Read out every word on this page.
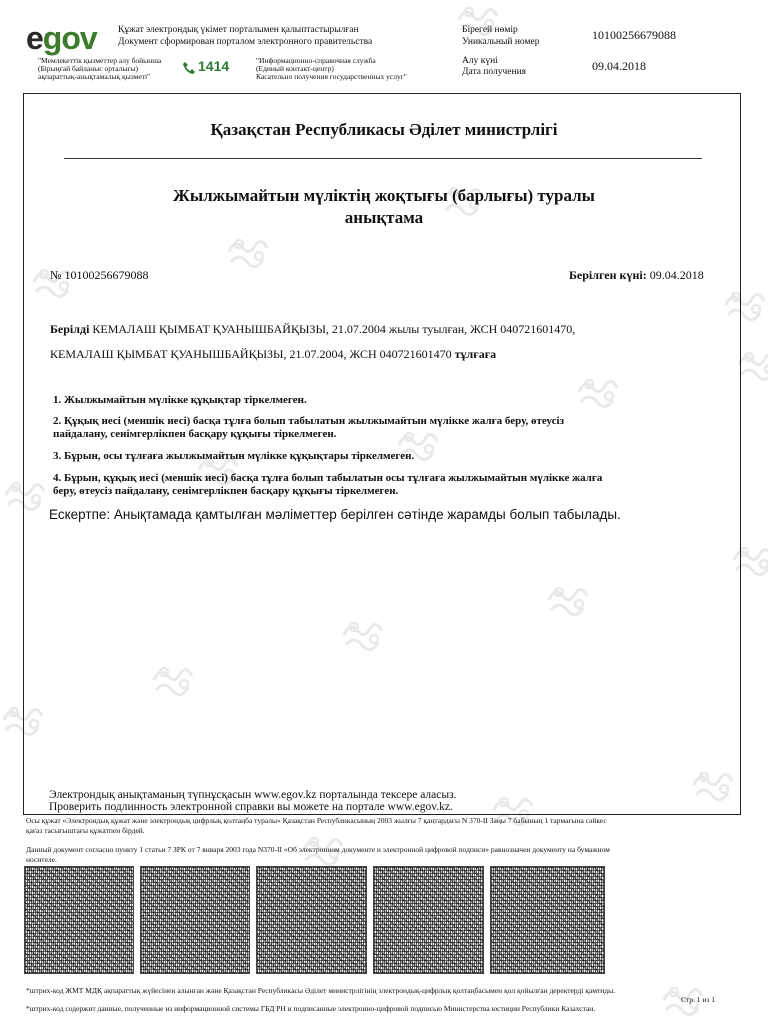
egov Құжат электрондық үкімет порталымен қалыптастырылған
Документ сформирован порталом электронного правительства
"Мемлекеттік қызметтер алу бойынша
(Бірыңғай байланыс орталығы)
ақпараттық-анықтамалық қызметі"
1414	"Информационно-справочная служба
(Единый контакт-центр)
Касательно получения государственных услуг"
Бірегей нөмір
Уникальный номер	10100256679088
Алу күні
Дата получения	09.04.2018
Қазақстан Республикасы Әділет министрлігі
Жылжымайтын мүліктің жоқтығы (барлығы) туралы
анықтама
№ 10100256679088	Берілген күні: 09.04.2018
Берілді КЕМАЛАШ ҚЫМБАТ ҚУАНЫШБАЙҚЫЗЫ, 21.07.2004 жылы туылған, ЖСН 040721601470,
КЕМАЛАШ ҚЫМБАТ ҚУАНЫШБАЙҚЫЗЫ, 21.07.2004, ЖСН 040721601470 тұлғаға
1. Жылжымайтын мүлікке құқықтар тіркелмеген.
2. Құқық иесі (меншік иесі) басқа тұлға болып табылатын жылжымайтын мүлікке жалға беру, өтеусіз
пайдалану, сенімгерлікпен басқару құқығы тіркелмеген.
3. Бұрын, осы тұлғаға жылжымайтын мүлікке құқықтары тіркелмеген.
4. Бұрын, құқық иесі (меншік иесі) басқа тұлға болып табылатын осы тұлғаға жылжымайтын мүлікке жалға
беру, өтеусіз пайдалану, сенімгерлікпен басқару құқығы тіркелмеген.
Ескертпе: Анықтамада қамтылған мәліметтер берілген сәтінде жарамды болып табылады.
Электрондық анықтаманың түпнұсқасын www.egov.kz порталында тексере аласыз.
Проверить подлинность электронной справки вы можете на портале www.egov.kz.
Осы құжат «Электрондық құжат және электрондық цифрлық қолтаңба туралы» Қазақстан Республикасының 2003 жылғы 7 қаңтардағы N 370-II Заңы 7 бабының 1 тармағына сәйкес
қағаз тасығыштағы құжатпен бірдей.
Данный документ согласно пункту 1 статьи 7 ЗРК от 7 января 2003 года N370-II «Об электронном документе и электронной цифровой подписи» равнозначен документу на бумажном
носителе.
*штрих-код ЖМТ МДҚ ақпараттық жүйесінен алынған және Қазақстан Республикасы Әділет министрлігінің электрондық-цифрлық қолтаңбасымен қол қойылған деректерді қамтиды.
Стр. 1 из 1
*штрих-код содержит данные, полученные из информационной системы ГБД РН и подписанные электронно-цифровой подписью Министерства юстиции Республики Казахстан.
